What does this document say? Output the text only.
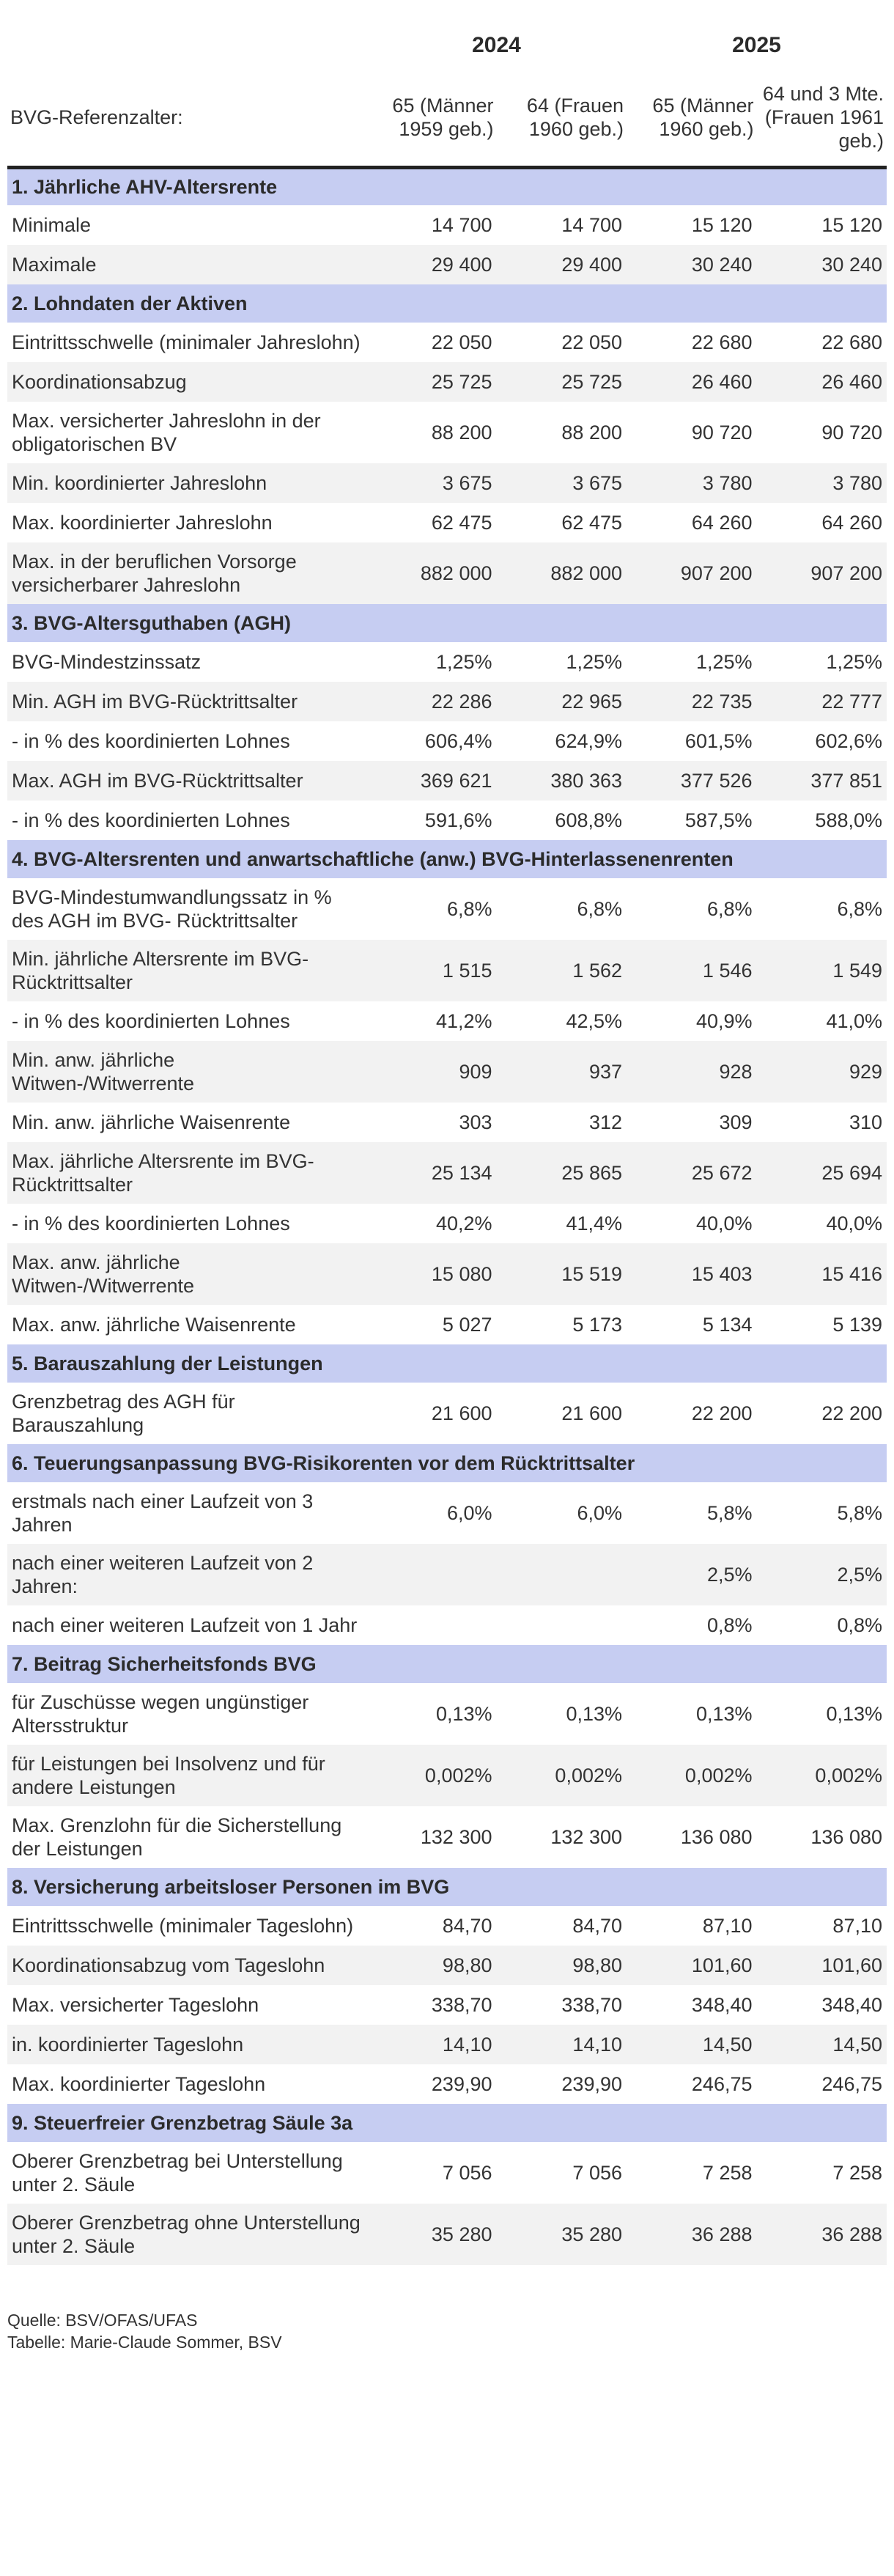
	2024		2025	
BVG-Referenzalter:	65 (Männer 1959 geb.)	64 (Frauen 1960 geb.)	65 (Männer 1960 geb.)	64 und 3 Mte. (Frauen 1961 geb.)
1. Jährliche AHV-Altersrente				
Minimale	14 700	14 700	15 120	15 120
Maximale	29 400	29 400	30 240	30 240
2. Lohndaten der Aktiven				
Eintrittsschwelle (minimaler Jahreslohn)	22 050	22 050	22 680	22 680
Koordinationsabzug	25 725	25 725	26 460	26 460
Max. versicherter Jahreslohn in der obligatorischen BV	88 200	88 200	90 720	90 720
Min. koordinierter Jahreslohn	3 675	3 675	3 780	3 780
Max. koordinierter Jahreslohn	62 475	62 475	64 260	64 260
Max. in der beruflichen Vorsorge versicherbarer Jahreslohn	882 000	882 000	907 200	907 200
3. BVG-Altersguthaben (AGH)				
BVG-Mindestzinssatz	1,25%	1,25%	1,25%	1,25%
Min. AGH im BVG-Rücktrittsalter	22 286	22 965	22 735	22 777
- in % des koordinierten Lohnes	606,4%	624,9%	601,5%	602,6%
Max. AGH im BVG-Rücktrittsalter	369 621	380 363	377 526	377 851
- in % des koordinierten Lohnes	591,6%	608,8%	587,5%	588,0%
4. BVG-Altersrenten und anwartschaftliche (anw.) BVG-Hinterlassenenrenten				
BVG-Mindestumwandlungssatz in % des AGH im BVG- Rücktrittsalter	6,8%	6,8%	6,8%	6,8%
Min. jährliche Altersrente im BVG-Rücktrittsalter	1 515	1 562	1 546	1 549
- in % des koordinierten Lohnes	41,2%	42,5%	40,9%	41,0%
Min. anw. jährliche Witwen-/Witwerrente	909	937	928	929
Min. anw. jährliche Waisenrente	303	312	309	310
Max. jährliche Altersrente im BVG-Rücktrittsalter	25 134	25 865	25 672	25 694
- in % des koordinierten Lohnes	40,2%	41,4%	40,0%	40,0%
Max. anw. jährliche Witwen-/Witwerrente	15 080	15 519	15 403	15 416
Max. anw. jährliche Waisenrente	5 027	5 173	5 134	5 139
5. Barauszahlung der Leistungen				
Grenzbetrag des AGH für Barauszahlung	21 600	21 600	22 200	22 200
6. Teuerungsanpassung BVG-Risikorenten vor dem Rücktrittsalter				
erstmals nach einer Laufzeit von 3 Jahren	6,0%	6,0%	5,8%	5,8%
nach einer weiteren Laufzeit von 2 Jahren:			2,5%	2,5%
nach einer weiteren Laufzeit von 1 Jahr			0,8%	0,8%
7. Beitrag Sicherheitsfonds BVG				
für Zuschüsse wegen ungünstiger Altersstruktur	0,13%	0,13%	0,13%	0,13%
für Leistungen bei Insolvenz und für andere Leistungen	0,002%	0,002%	0,002%	0,002%
Max. Grenzlohn für die Sicherstellung der Leistungen	132 300	132 300	136 080	136 080
8. Versicherung arbeitsloser Personen im BVG				
Eintrittsschwelle (minimaler Tageslohn)	84,70	84,70	87,10	87,10
Koordinationsabzug vom Tageslohn	98,80	98,80	101,60	101,60
Max. versicherter Tageslohn	338,70	338,70	348,40	348,40
in. koordinierter Tageslohn	14,10	14,10	14,50	14,50
Max. koordinierter Tageslohn	239,90	239,90	246,75	246,75
9. Steuerfreier Grenzbetrag Säule 3a				
Oberer Grenzbetrag bei Unterstellung unter 2. Säule	7 056	7 056	7 258	7 258
Oberer Grenzbetrag ohne Unterstellung unter 2. Säule	35 280	35 280	36 288	36 288
Quelle: BSV/OFAS/UFAS
Tabelle: Marie-Claude Sommer, BSV
